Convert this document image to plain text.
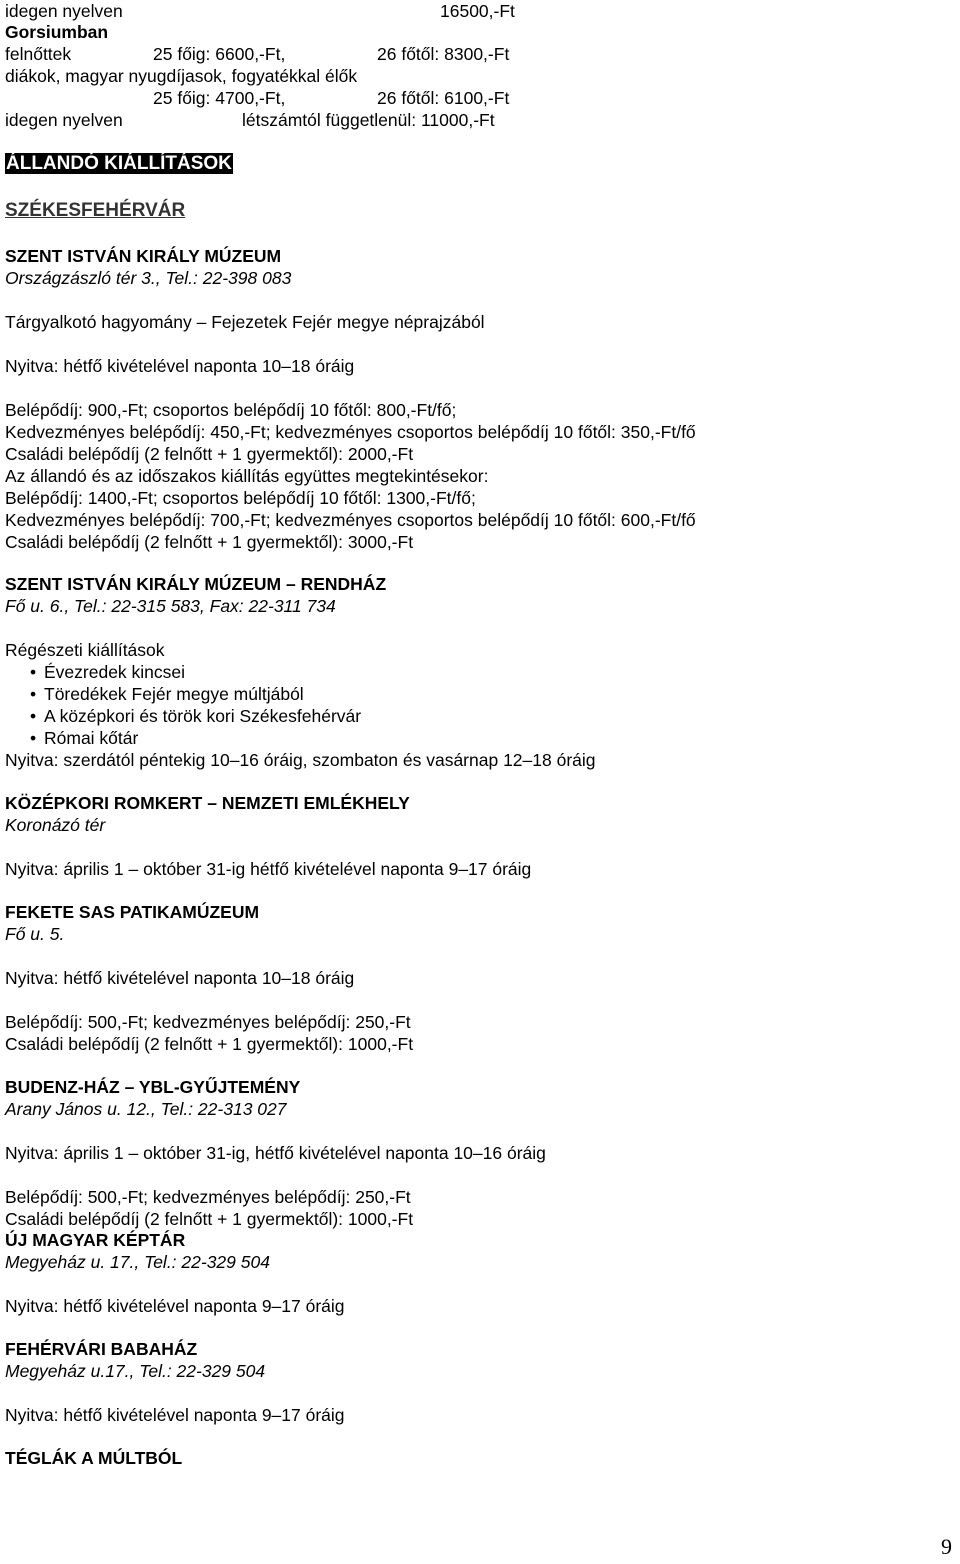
idegen nyelven	16500,-Ft
Gorsiumban
felnőttek	25 főig: 6600,-Ft,	26 főtől: 8300,-Ft
diákok, magyar nyugdíjasok, fogyatékkal élők
25 főig: 4700,-Ft,	26 főtől: 6100,-Ft
idegen nyelven	létszámtól függetlenül: 11000,-Ft
ÁLLANDÓ KIÁLLÍTÁSOK
SZÉKESFEHÉRVÁR
SZENT ISTVÁN KIRÁLY MÚZEUM
Országzászló tér 3., Tel.: 22-398 083
Tárgyalkotó hagyomány – Fejezetek Fejér megye néprajzából
Nyitva: hétfő kivételével naponta 10–18 óráig
Belépődíj: 900,-Ft; csoportos belépődíj 10 főtől: 800,-Ft/fő;
Kedvezményes belépődíj: 450,-Ft; kedvezményes csoportos belépődíj 10 főtől: 350,-Ft/fő
Családi belépődíj (2 felnőtt + 1 gyermektől): 2000,-Ft
Az állandó és az időszakos kiállítás együttes megtekintésekor:
Belépődíj: 1400,-Ft; csoportos belépődíj 10 főtől: 1300,-Ft/fő;
Kedvezményes belépődíj: 700,-Ft; kedvezményes csoportos belépődíj 10 főtől: 600,-Ft/fő
Családi belépődíj (2 felnőtt + 1 gyermektől): 3000,-Ft
SZENT ISTVÁN KIRÁLY MÚZEUM – RENDHÁZ
Fő u. 6., Tel.: 22-315 583, Fax: 22-311 734
Régészeti kiállítások
• Évezredek kincsei
• Töredékek Fejér megye múltjából
• A középkori és török kori Székesfehérvár
• Római kőtár
Nyitva: szerdától péntekig 10–16 óráig, szombaton és vasárnap 12–18 óráig
KÖZÉPKORI ROMKERT – NEMZETI EMLÉKHELY
Koronázó tér
Nyitva: április 1 – október 31-ig hétfő kivételével naponta 9–17 óráig
FEKETE SAS PATIKAMÚZEUM
Fő u. 5.
Nyitva: hétfő kivételével naponta 10–18 óráig
Belépődíj: 500,-Ft; kedvezményes belépődíj: 250,-Ft
Családi belépődíj (2 felnőtt + 1 gyermektől): 1000,-Ft
BUDENZ-HÁZ – YBL-GYŰJTEMÉNY
Arany János u. 12., Tel.: 22-313 027
Nyitva: április 1 – október 31-ig, hétfő kivételével naponta 10–16 óráig
Belépődíj: 500,-Ft; kedvezményes belépődíj: 250,-Ft
Családi belépődíj (2 felnőtt + 1 gyermektől): 1000,-Ft
ÚJ MAGYAR KÉPTÁR
Megyeház u. 17., Tel.: 22-329 504
Nyitva: hétfő kivételével naponta 9–17 óráig
FEHÉRVÁRI BABAHÁZ
Megyeház u.17., Tel.: 22-329 504
Nyitva: hétfő kivételével naponta 9–17 óráig
TÉGLÁK A MÚLTBÓL
9
